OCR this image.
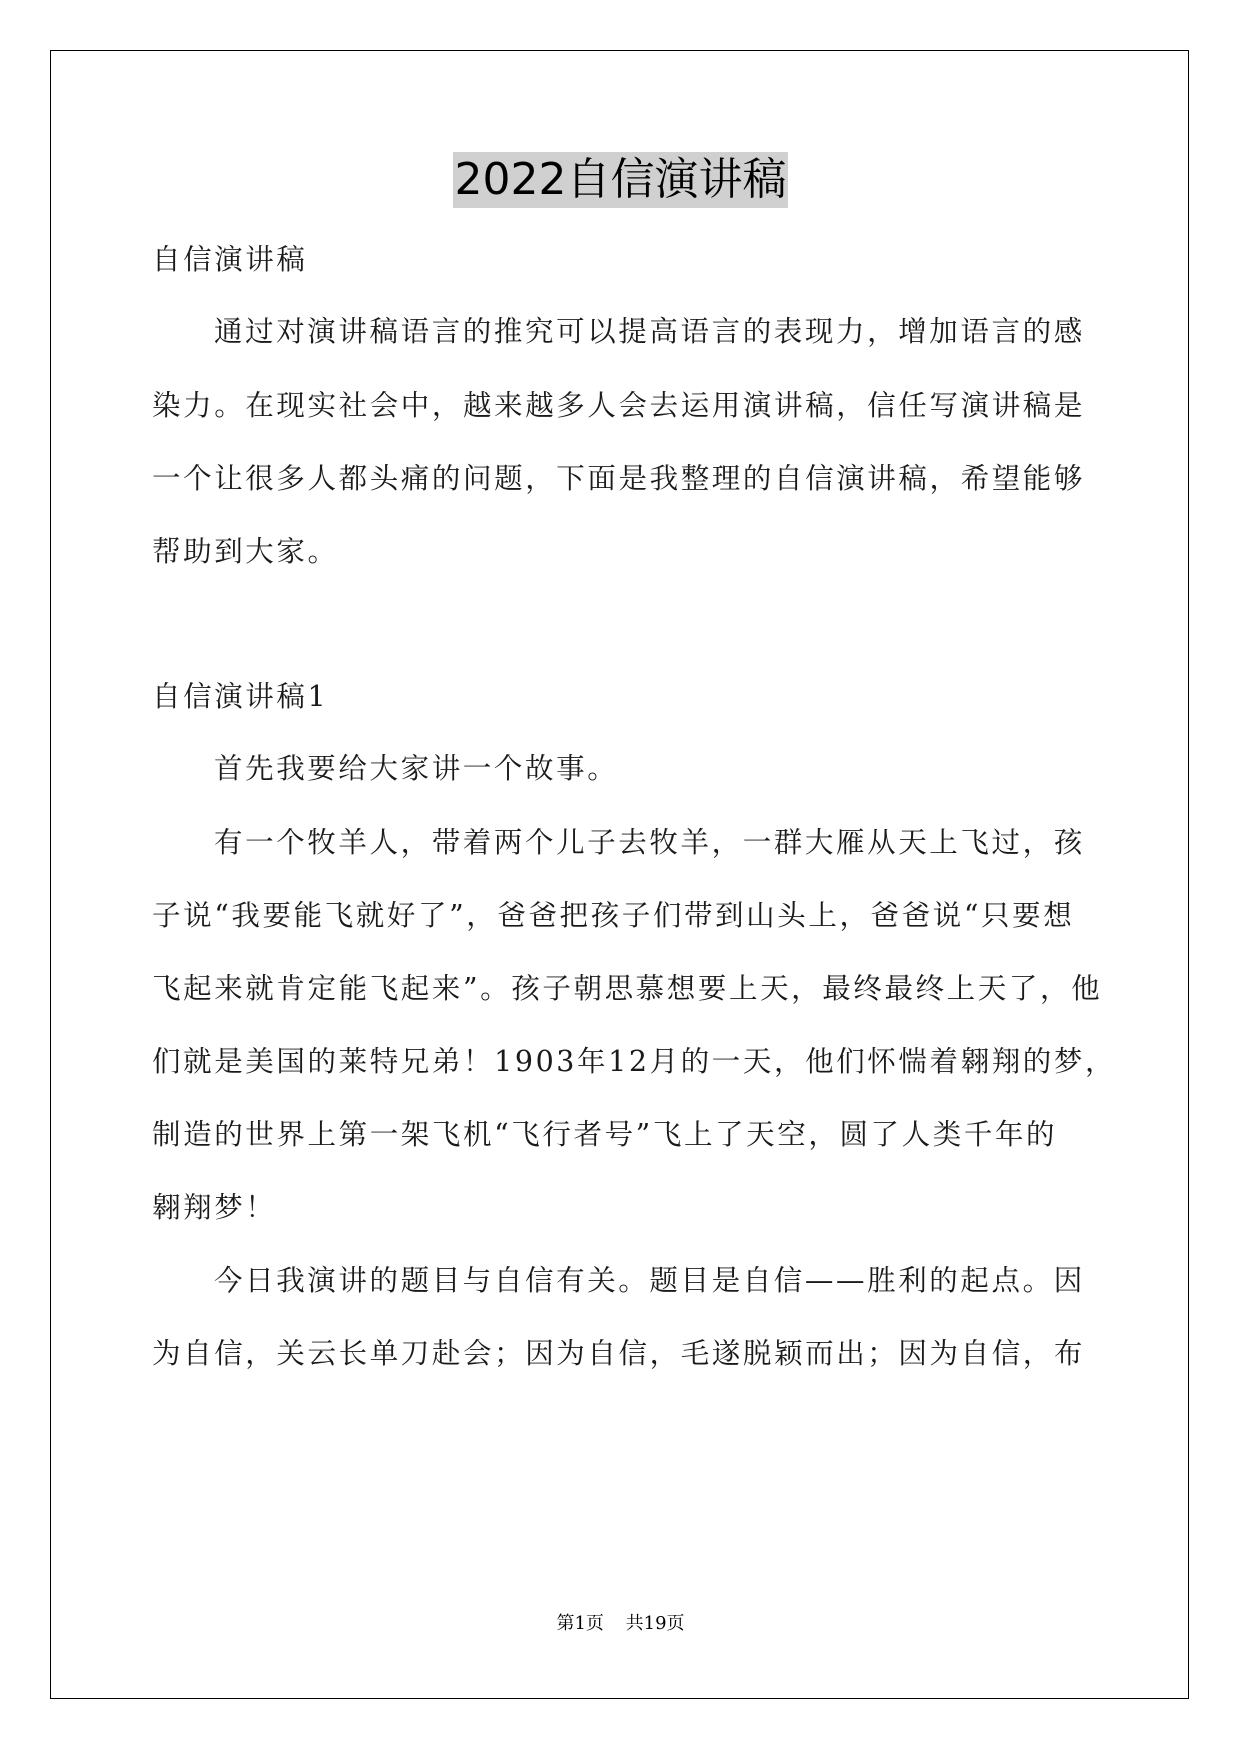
2022自信演讲稿
自信演讲稿
通过对演讲稿语言的推究可以提高语言的表现力，增加语言的感
染力。在现实社会中，越来越多人会去运用演讲稿，信任写演讲稿是
一个让很多人都头痛的问题，下面是我整理的自信演讲稿，希望能够
帮助到大家。
自信演讲稿1
首先我要给大家讲一个故事。
有一个牧羊人，带着两个儿子去牧羊，一群大雁从天上飞过，孩
子说“我要能飞就好了”，爸爸把孩子们带到山头上，爸爸说“只要想
飞起来就肯定能飞起来”。孩子朝思慕想要上天，最终最终上天了，他
们就是美国的莱特兄弟！1903年12月的一天，他们怀惴着翱翔的梦，
制造的世界上第一架飞机“飞行者号”飞上了天空，圆了人类千年的
翱翔梦！
今日我演讲的题目与自信有关。题目是自信——胜利的起点。因
为自信，关云长单刀赴会；因为自信，毛遂脱颖而出；因为自信，布
第1页 共19页
